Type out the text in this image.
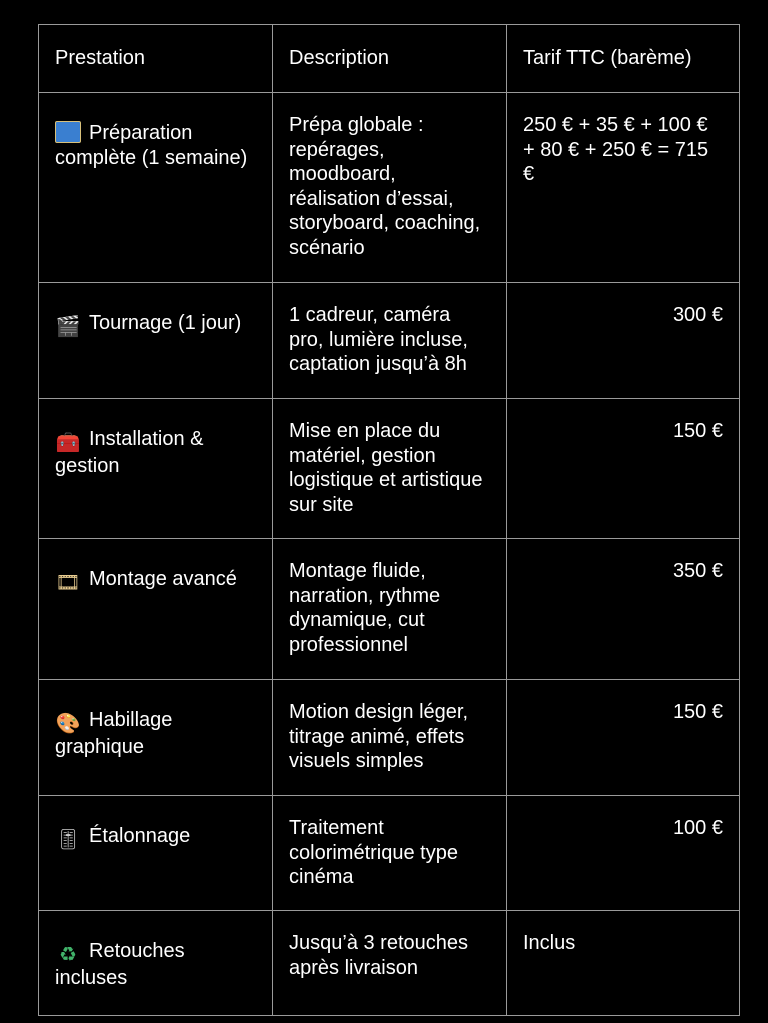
Prestation	Description	Tarif TTC (barème)
Préparation complète (1 semaine)	Prépa globale : repérages, moodboard, réalisation d’essai, storyboard, coaching, scénario	250 € + 35 € + 100 € + 80 € + 250 € = 715 €
🎬 Tournage (1 jour)	1 cadreur, caméra pro, lumière incluse, captation jusqu’à 8h	300 €
🧰 Installation & gestion	Mise en place du matériel, gestion logistique et artistique sur site	150 €
🎞 Montage avancé	Montage fluide, narration, rythme dynamique, cut professionnel	350 €
🎨 Habillage graphique	Motion design léger, titrage animé, effets visuels simples	150 €
🎚 Étalonnage	Traitement colorimétrique type cinéma	100 €
♻ Retouches incluses	Jusqu’à 3 retouches après livraison	Inclus
